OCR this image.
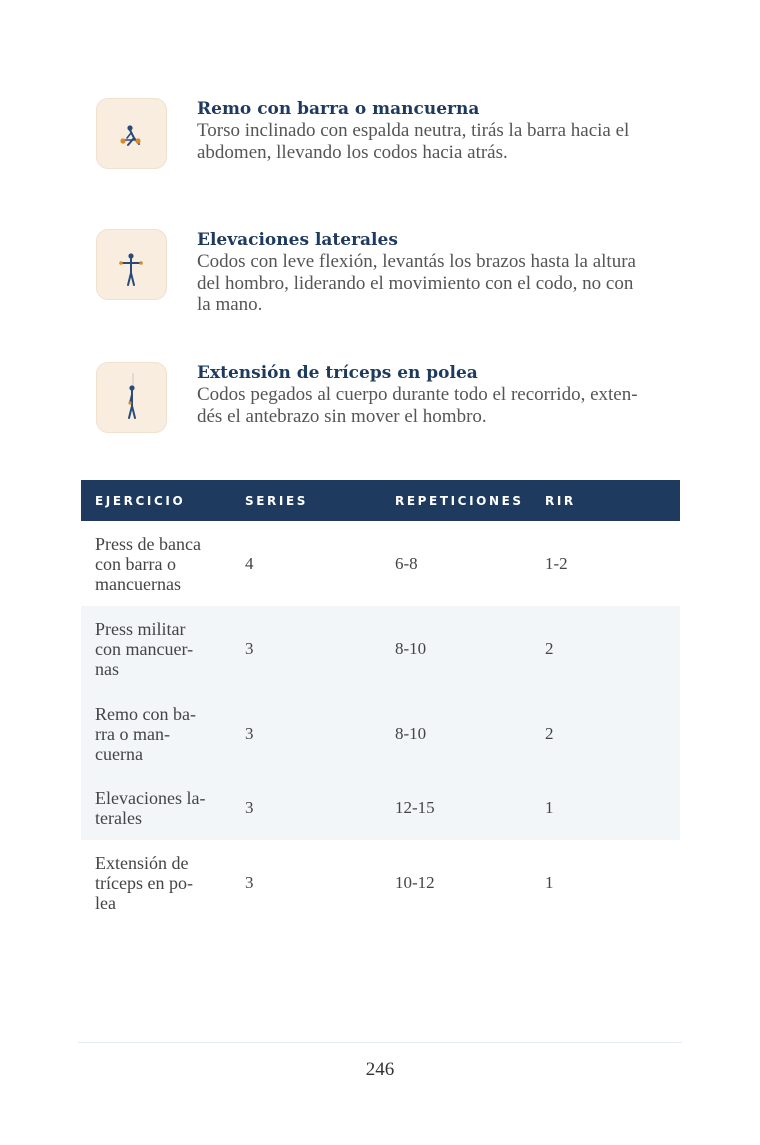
Remo con barra o mancuerna
Torso inclinado con espalda neutra, tirás la barra hacia el
abdomen, llevando los codos hacia atrás.
Elevaciones laterales
Codos con leve flexión, levantás los brazos hasta la altura
del hombro, liderando el movimiento con el codo, no con
la mano.
Extensión de tríceps en polea
Codos pegados al cuerpo durante todo el recorrido, exten-
dés el antebrazo sin mover el hombro.
EJERCICIO	SERIES	REPETICIONES	RIR

Press de banca
con barra o
mancuernas	4	6-8	1-2

Press militar
con mancuer-
nas	3	8-10	2

Remo con ba-
rra o man-
cuerna	3	8-10	2

Elevaciones la-
terales	3	12-15	1

Extensión de
tríceps en po-
lea	3	10-12	1
246
